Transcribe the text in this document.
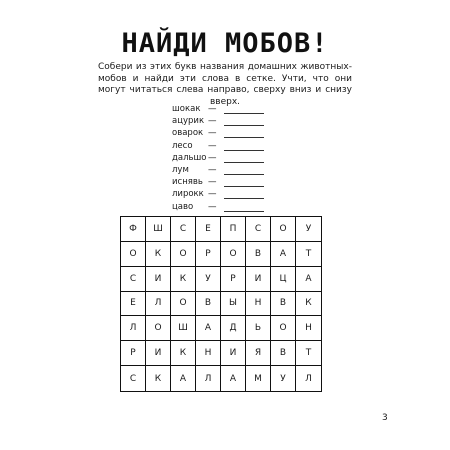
НАЙДИ МОБОВ!
Собери из этих букв названия домашних животных-мобов и найди эти слова в сетке. Учти, что они могут читаться слева направо, сверху вниз и снизу вверх.
шокак —
ацурик —
оварок —
лесо —
дальшо —
лум —
иснявь —
лирокк —
цаво —
Ф	Ш	С	Е	П	С	О	У
О	К	О	Р	О	В	А	Т
С	И	К	У	Р	И	Ц	А
Е	Л	О	В	Ы	Н	В	К
Л	О	Ш	А	Д	Ь	О	Н
Р	И	К	Н	И	Я	В	Т
С	К	А	Л	А	М	У	Л
3
